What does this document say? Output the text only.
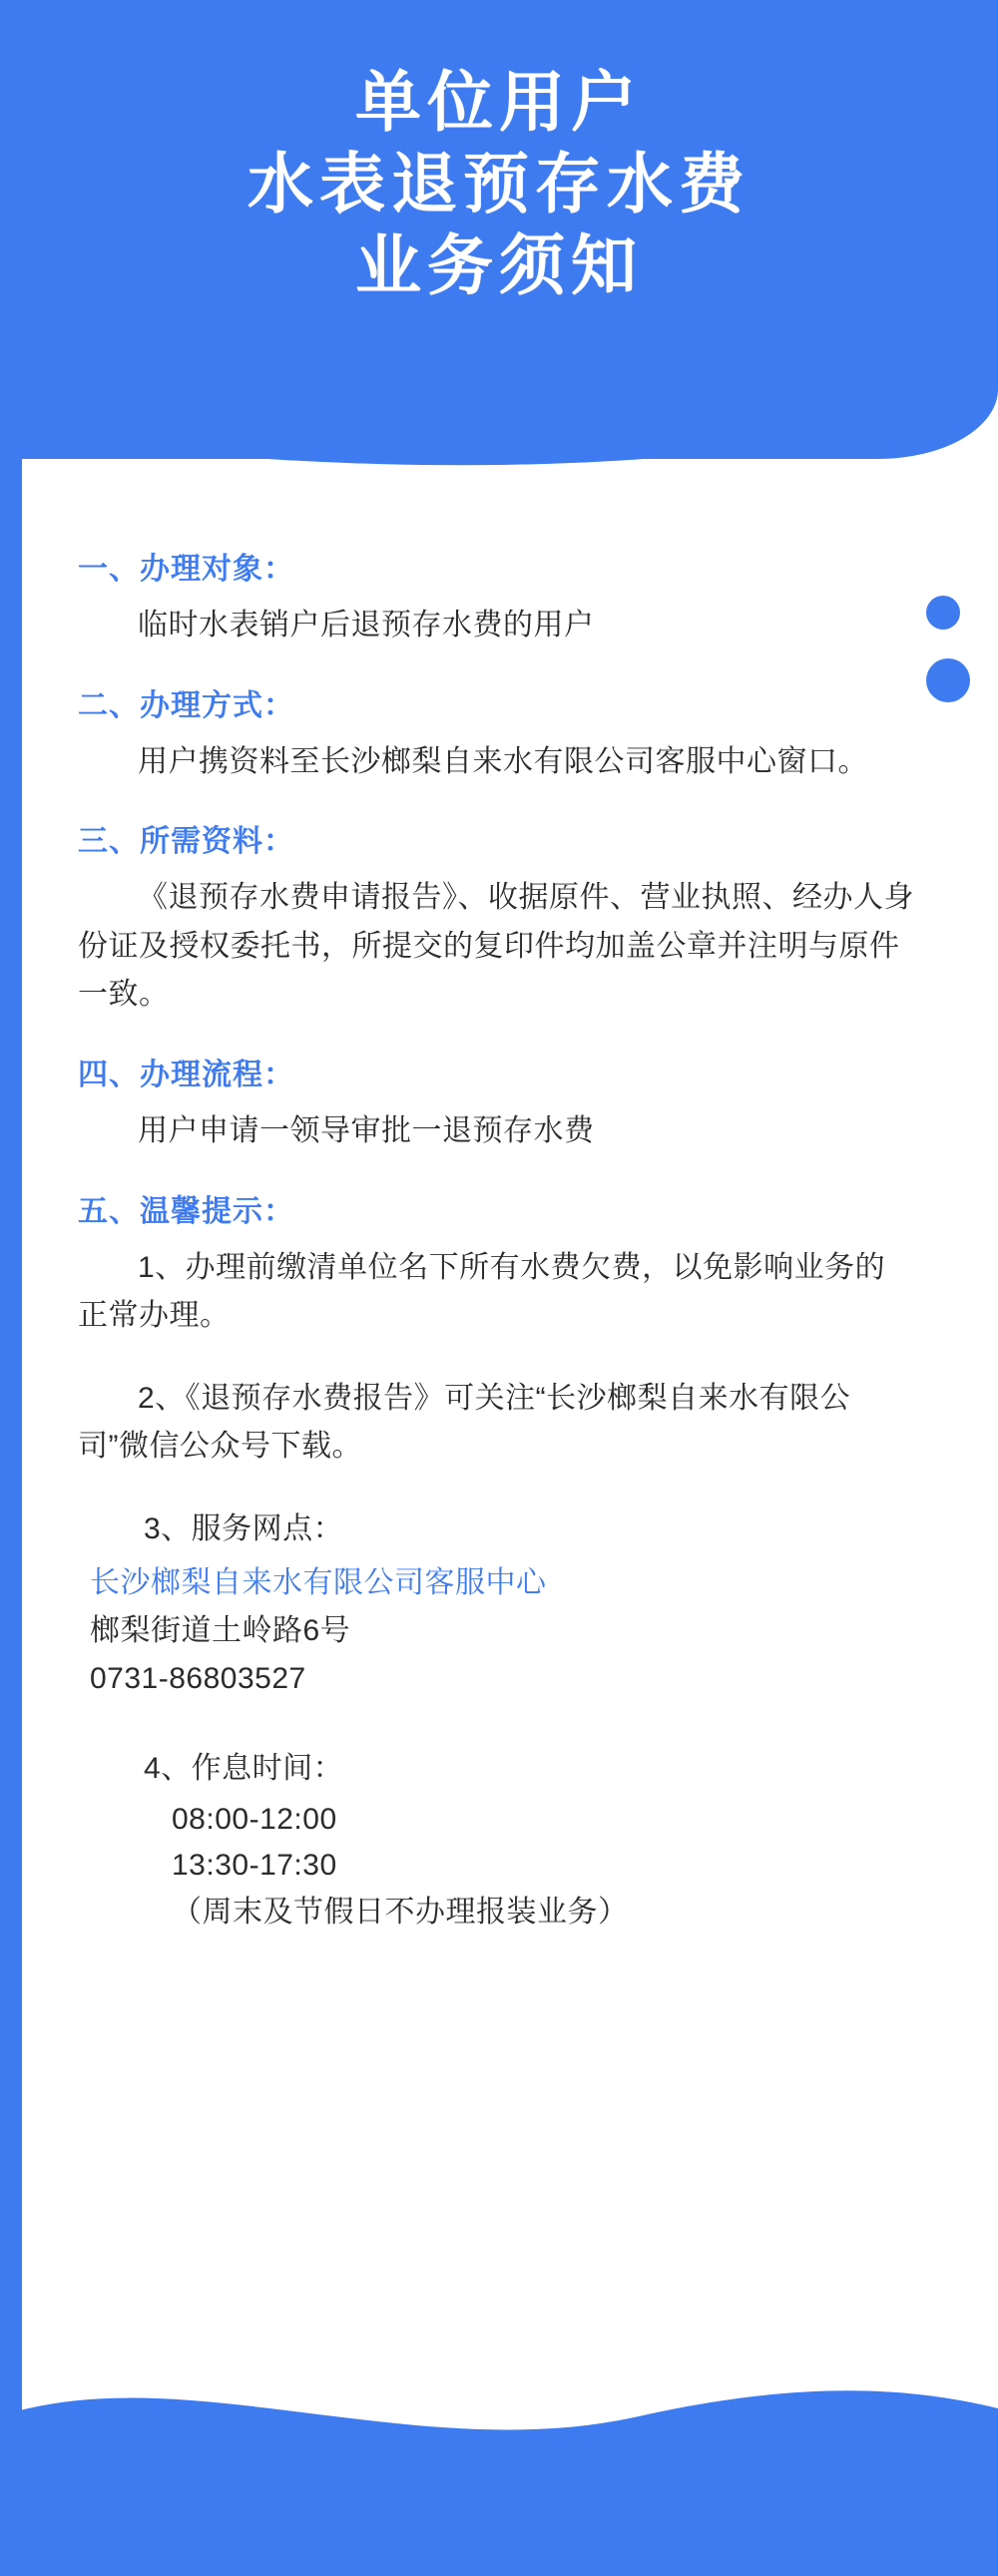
单位用户
水表退预存水费
业务须知
一、办理对象：
临时水表销户后退预存水费的用户
二、办理方式：
用户携资料至长沙榔梨自来水有限公司客服中心窗口。
三、所需资料：
《退预存水费申请报告》、收据原件、营业执照、经办人身份证及授权委托书，所提交的复印件均加盖公章并注明与原件一致。
四、办理流程：
用户申请一领导审批一退预存水费
五、温馨提示：
1、办理前缴清单位名下所有水费欠费，以免影响业务的正常办理。
2、《退预存水费报告》可关注“长沙榔梨自来水有限公司”微信公众号下载。
3、服务网点：
长沙榔梨自来水有限公司客服中心
榔梨街道土岭路6号
0731-86803527
4、作息时间：
08:00-12:00
13:30-17:30
（周末及节假日不办理报装业务）
